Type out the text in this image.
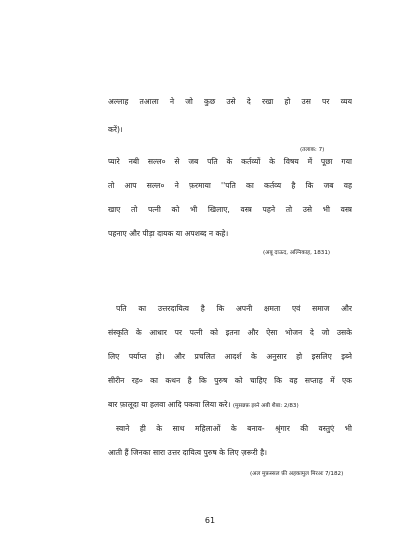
अल्लाह तआला ने जो कुछ उसे दे रखा हो उस पर व्यय
करें)।
(तलाक: 7)
प्यारे नबी सल्ल० से जब पति के कर्तव्यों के विषय में पूछा गया
तो आप सल्ल० ने फ़रमाया ''पति का कर्तव्य है कि जब वह
खाए तो पत्नी को भी खिलाए, वस्त्र पहने तो उसे भी वस्त्र
पहनाए और पीड़ा दायक या अपशब्द न कहे।
(अबू दाऊद, अल्निकाह, 1831)
पति का उत्तरदायित्व है कि अपनी क्षमता एवं समाज और
संस्कृति के आधार पर पत्नी को इतना और ऐसा भोजन दे जो उसके
लिए पर्याप्त हो। और प्रचलित आदर्श के अनुसार हो इसलिए इब्ने
सीरीन रह० का कथन है कि पुरुष को चाहिए कि वह सप्ताह में एक
बार फ़ालूदा या हलवा आदि पकवा लिया करे। (मुसन्नफ़ इब्ने अबी शैबा: 2/83)
स्वाने ही के साथ महिलाओं के बनाव- श्रृंगार की वस्तुएं भी
आती हैं जिनका सारा उत्तर दायित्व पुरुष के लिए ज़रूरी है।
(अल मुफ़स्सल फ़ी अहकामुल मिरअः 7/182)
61
